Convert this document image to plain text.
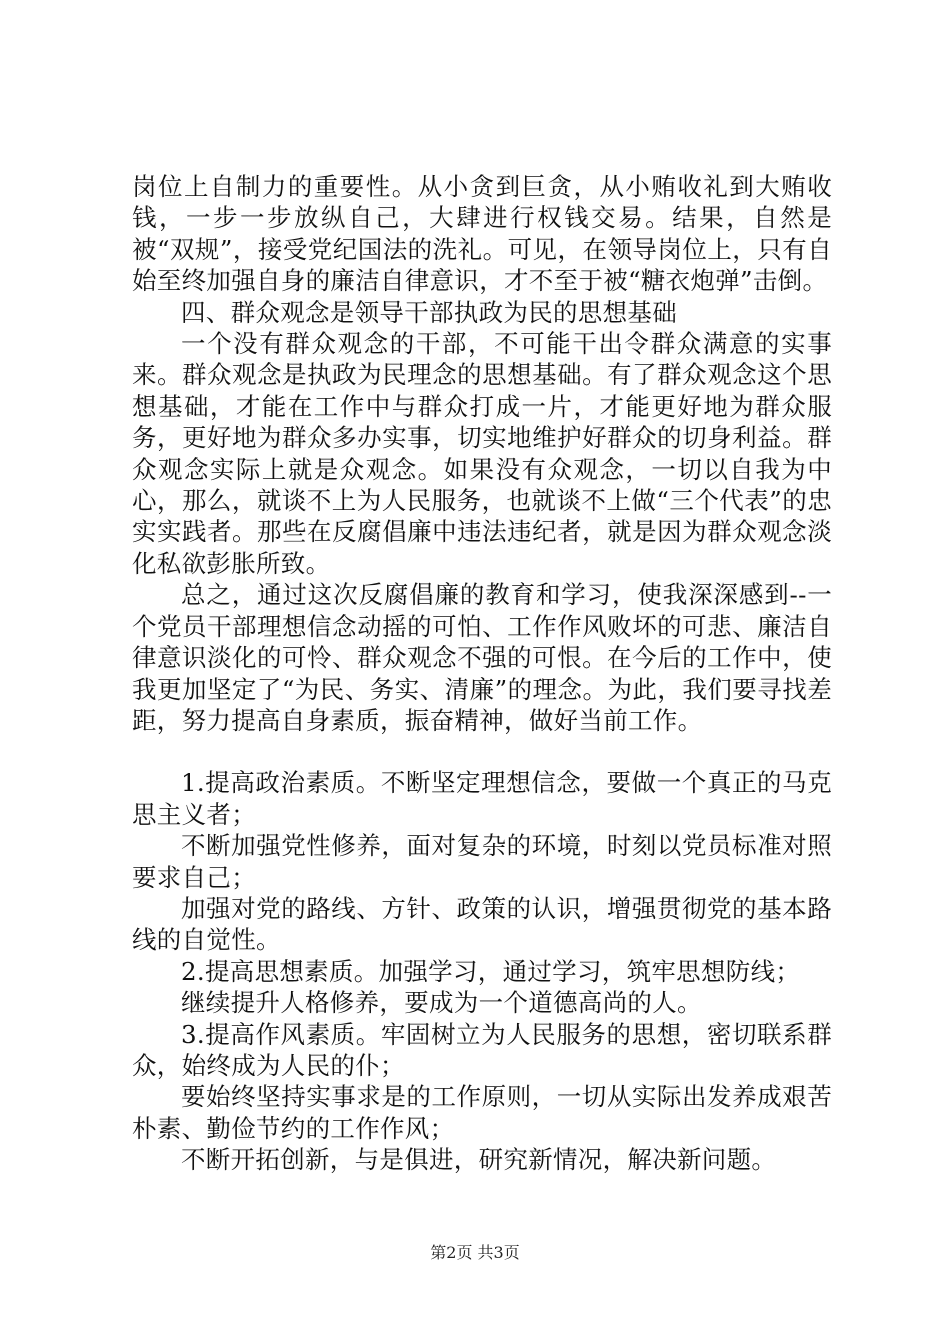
岗位上自制力的重要性。从小贪到巨贪，从小贿收礼到大贿收钱，一步一步放纵自己，大肆进行权钱交易。结果，自然是被“双规”，接受党纪国法的洗礼。可见，在领导岗位上，只有自始至终加强自身的廉洁自律意识，才不至于被“糖衣炮弹”击倒。

四、群众观念是领导干部执政为民的思想基础

一个没有群众观念的干部，不可能干出令群众满意的实事来。群众观念是执政为民理念的思想基础。有了群众观念这个思想基础，才能在工作中与群众打成一片，才能更好地为群众服务，更好地为群众多办实事，切实地维护好群众的切身利益。群众观念实际上就是众观念。如果没有众观念，一切以自我为中心，那么，就谈不上为人民服务，也就谈不上做“三个代表”的忠实实践者。那些在反腐倡廉中违法违纪者，就是因为群众观念淡化私欲彭胀所致。

总之，通过这次反腐倡廉的教育和学习，使我深深感到--一个党员干部理想信念动摇的可怕、工作作风败坏的可悲、廉洁自律意识淡化的可怜、群众观念不强的可恨。在今后的工作中，使我更加坚定了“为民、务实、清廉”的理念。为此，我们要寻找差距，努力提高自身素质，振奋精神，做好当前工作。

1.提高政治素质。不断坚定理想信念，要做一个真正的马克思主义者；

不断加强党性修养，面对复杂的环境，时刻以党员标准对照要求自己；

加强对党的路线、方针、政策的认识，增强贯彻党的基本路线的自觉性。

2.提高思想素质。加强学习，通过学习，筑牢思想防线；

继续提升人格修养，要成为一个道德高尚的人。

3.提高作风素质。牢固树立为人民服务的思想，密切联系群众，始终成为人民的仆；

要始终坚持实事求是的工作原则，一切从实际出发养成艰苦朴素、勤俭节约的工作作风；

不断开拓创新，与是俱进，研究新情况，解决新问题。

第2页 共3页
